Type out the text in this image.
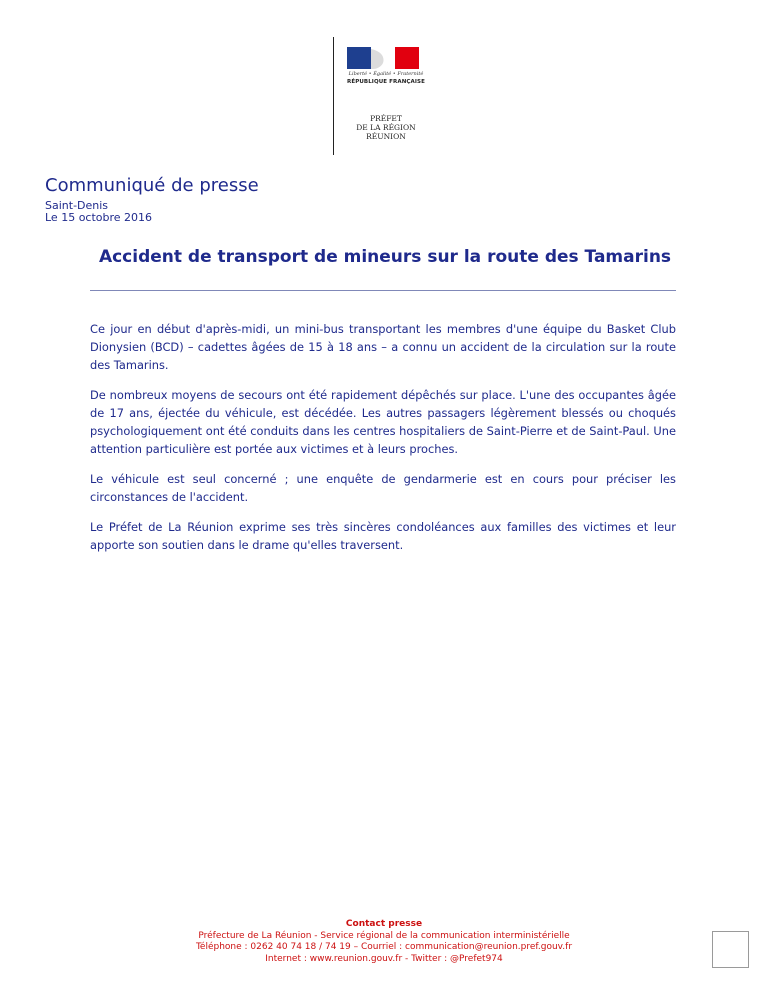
Liberté • Égalité • Fraternité
RÉPUBLIQUE FRANÇAISE
PRÉFET
DE LA RÉGION
RÉUNION
Communiqué de presse
Saint-Denis
Le 15 octobre 2016
Accident de transport de mineurs sur la route des Tamarins

Ce jour en début d'après-midi, un mini-bus transportant les membres d'une équipe du Basket Club Dionysien (BCD) – cadettes âgées de 15 à 18 ans – a connu un accident de la circulation sur la route des Tamarins.

De nombreux moyens de secours ont été rapidement dépêchés sur place. L'une des occupantes âgée de 17 ans, éjectée du véhicule, est décédée. Les autres passagers légèrement blessés ou choqués psychologiquement ont été conduits dans les centres hospitaliers de Saint-Pierre et de Saint-Paul. Une attention particulière est portée aux victimes et à leurs proches.

Le véhicule est seul concerné ; une enquête de gendarmerie est en cours pour préciser les circonstances de l'accident.

Le Préfet de La Réunion exprime ses très sincères condoléances aux familles des victimes et leur apporte son soutien dans le drame qu'elles traversent.

Contact presse
Préfecture de La Réunion - Service régional de la communication interministérielle
Téléphone : 0262 40 74 18 / 74 19 – Courriel : communication@reunion.pref.gouv.fr
Internet : www.reunion.gouv.fr - Twitter : @Prefet974
